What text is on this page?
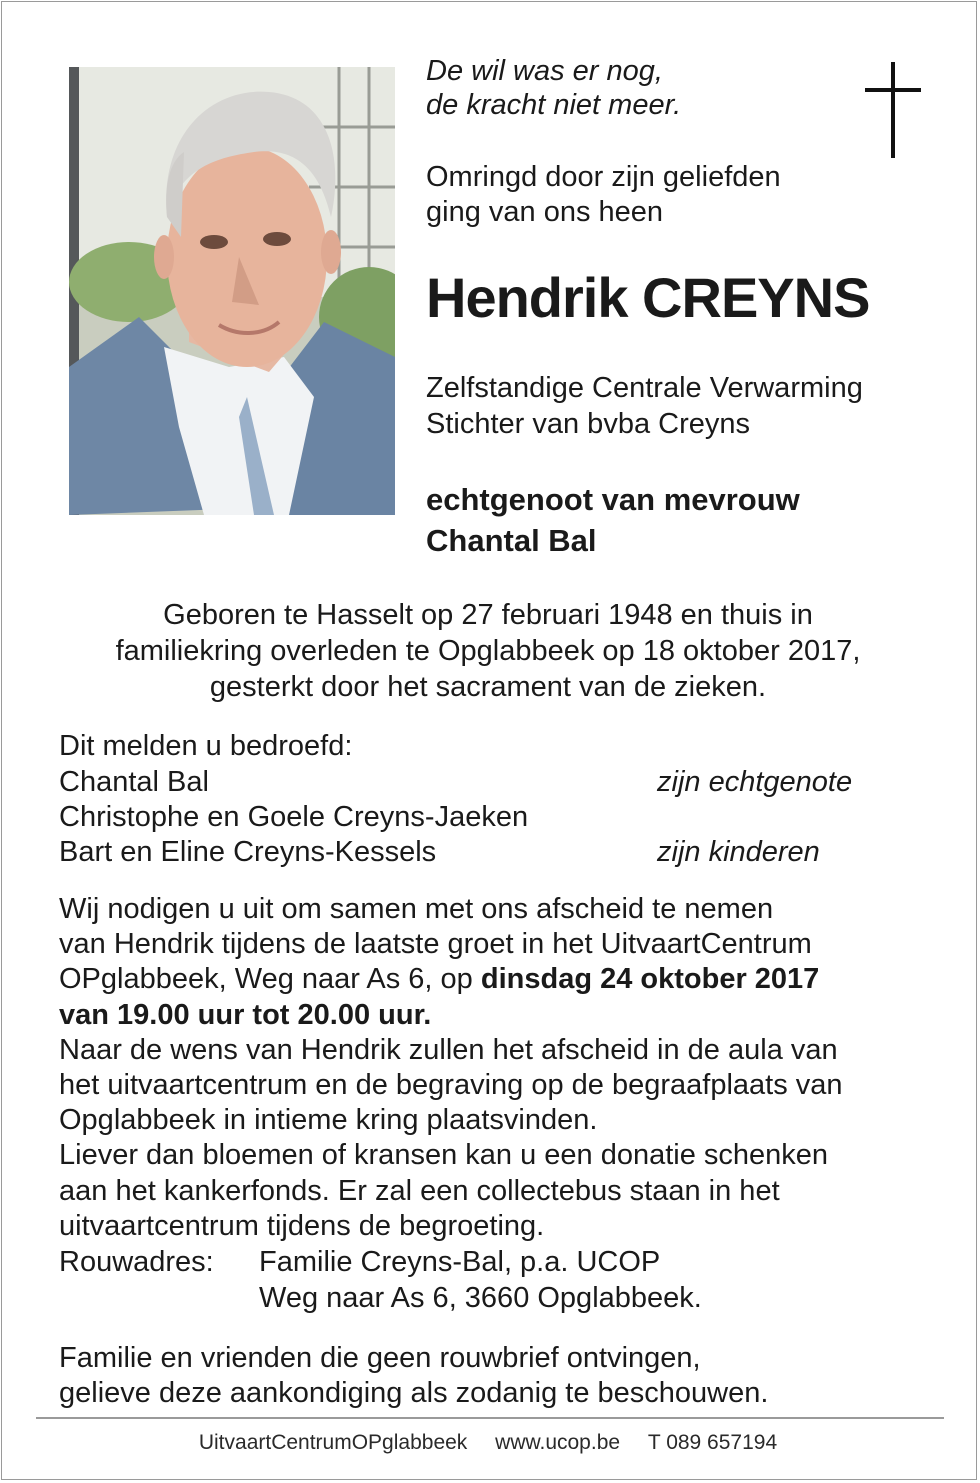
De wil was er nog,
de kracht niet meer.
Omringd door zijn geliefden
ging van ons heen
Hendrik CREYNS
Zelfstandige Centrale Verwarming
Stichter van bvba Creyns
echtgenoot van mevrouw
Chantal Bal
Geboren te Hasselt op 27 februari 1948 en thuis in
familiekring overleden te Opglabbeek op 18 oktober 2017,
gesterkt door het sacrament van de zieken.
Dit melden u bedroefd:
Chantal Bal	zijn echtgenote
Christophe en Goele Creyns-Jaeken
Bart en Eline Creyns-Kessels	zijn kinderen
Wij nodigen u uit om samen met ons afscheid te nemen
van Hendrik tijdens de laatste groet in het UitvaartCentrum
OPglabbeek, Weg naar As 6, op dinsdag 24 oktober 2017
van 19.00 uur tot 20.00 uur.
Naar de wens van Hendrik zullen het afscheid in de aula van
het uitvaartcentrum en de begraving op de begraafplaats van
Opglabbeek in intieme kring plaatsvinden.
Liever dan bloemen of kransen kan u een donatie schenken
aan het kankerfonds. Er zal een collectebus staan in het
uitvaartcentrum tijdens de begroeting.
Rouwadres: Familie Creyns-Bal, p.a. UCOP
Weg naar As 6, 3660 Opglabbeek.
Familie en vrienden die geen rouwbrief ontvingen,
gelieve deze aankondiging als zodanig te beschouwen.
UitvaartCentrumOPglabbeek www.ucop.be T 089 657194
